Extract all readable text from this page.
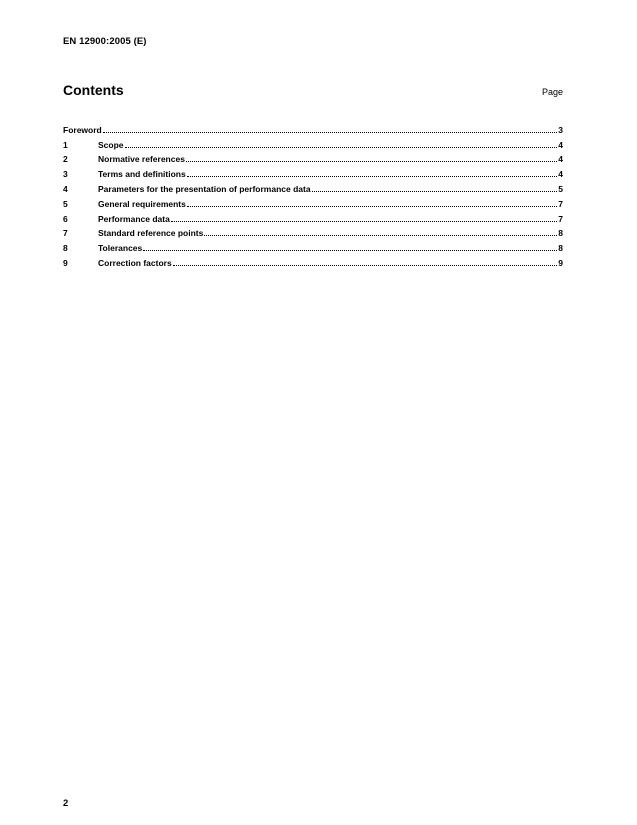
EN 12900:2005 (E)
Contents	Page
Foreword	3
1	Scope	4
2	Normative references	4
3	Terms and definitions	4
4	Parameters for the presentation of performance data	5
5	General requirements	7
6	Performance data	7
7	Standard reference points	8
8	Tolerances	8
9	Correction factors	9
2
